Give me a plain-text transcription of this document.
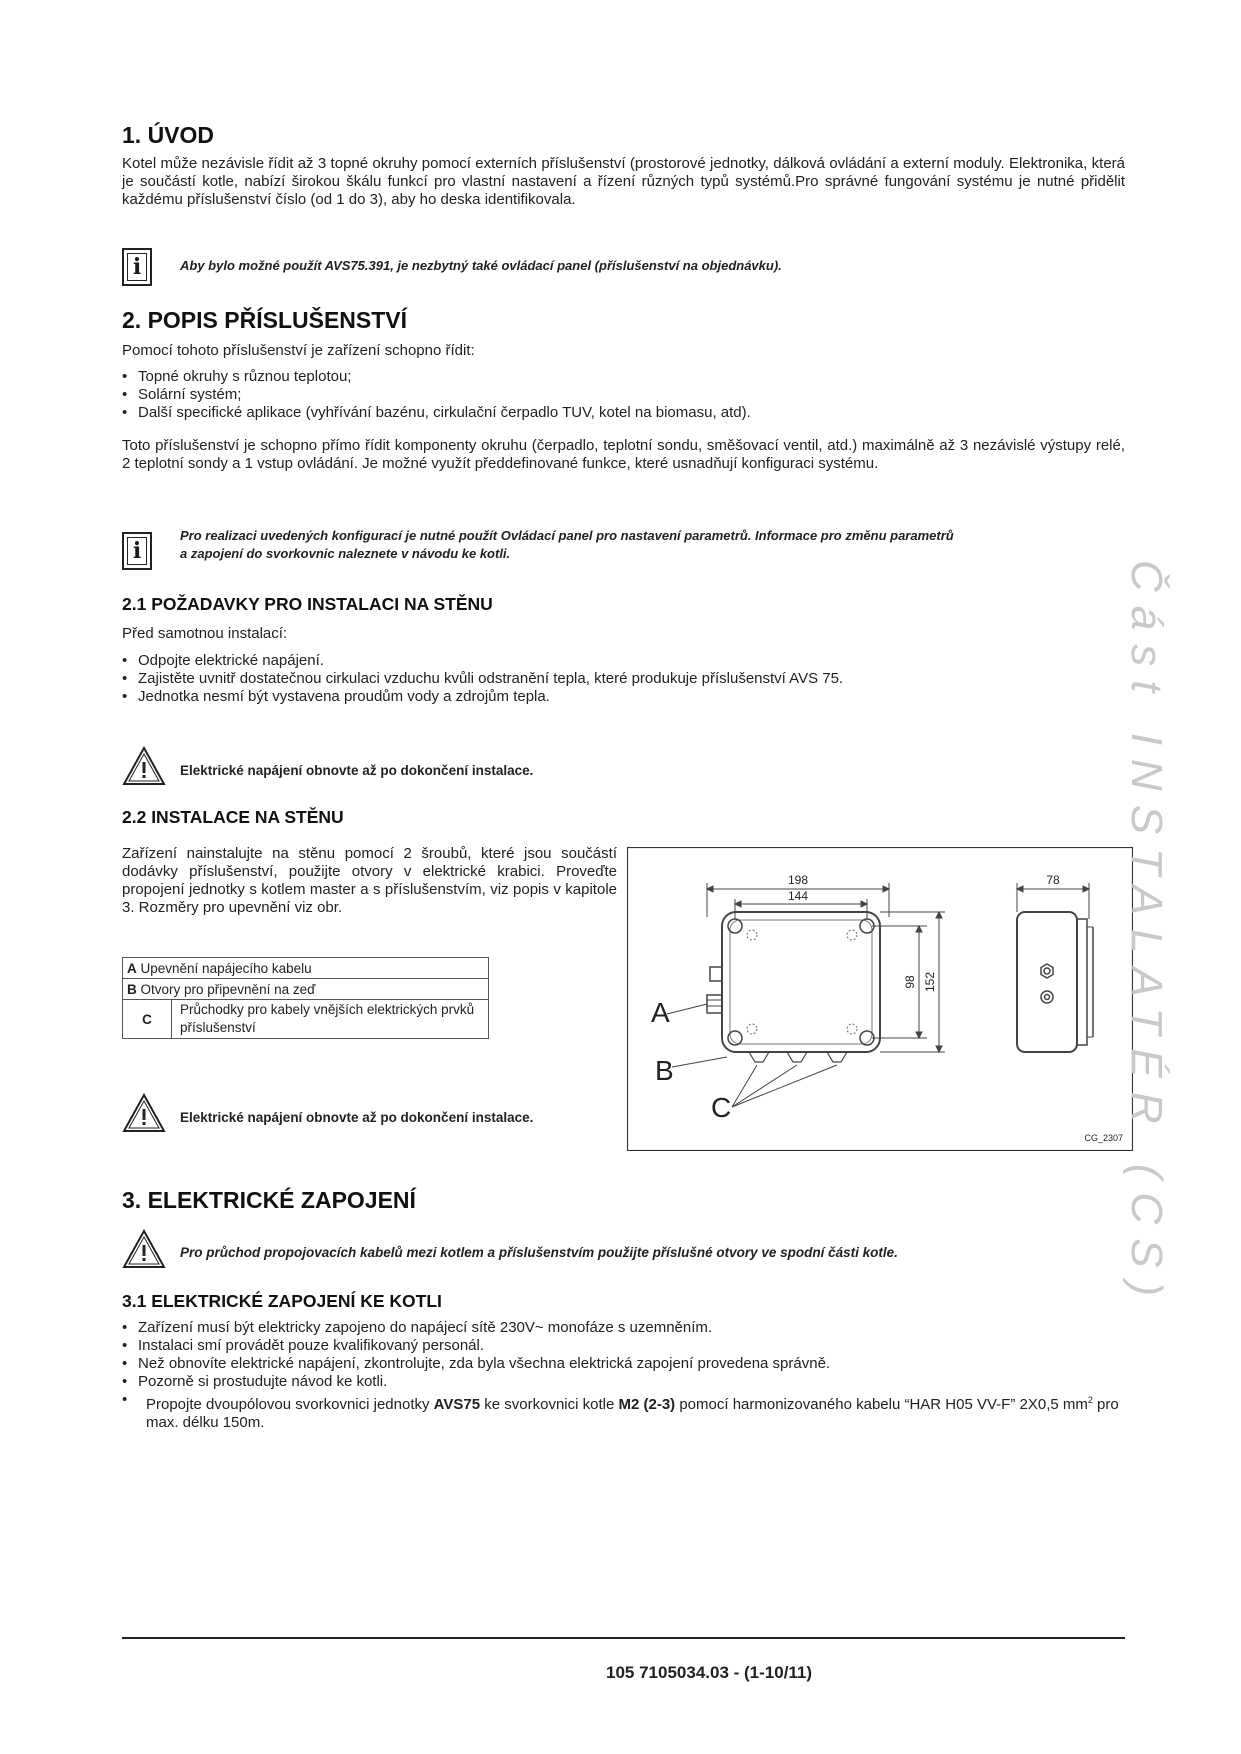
1. ÚVOD

Kotel může nezávisle řídit až 3 topné okruhy pomocí externích příslušenství (prostorové jednotky, dálková ovládání a externí moduly. Elektronika, která je součástí kotle, nabízí širokou škálu funkcí pro vlastní nastavení a řízení různých typů systémů.Pro správné fungování systému je nutné přidělit každému příslušenství číslo (od 1 do 3), aby ho deska identifikovala.

i	Aby bylo možné použít AVS75.391, je nezbytný také ovládací panel (příslušenství na objednávku).

2. POPIS PŘÍSLUŠENSTVÍ

Pomocí tohoto příslušenství je zařízení schopno řídit:

• Topné okruhy s různou teplotou;
• Solární systém;
• Další specifické aplikace (vyhřívání bazénu, cirkulační čerpadlo TUV, kotel na biomasu, atd).

Toto příslušenství je schopno přímo řídit komponenty okruhu (čerpadlo, teplotní sondu, směšovací ventil, atd.) maximálně až 3 nezávislé výstupy relé, 2 teplotní sondy a 1 vstup ovládání. Je možné využít předdefinované funkce, které usnadňují konfiguraci systému.

i

Pro realizaci uvedených konfigurací je nutné použít Ovládací panel pro nastavení parametrů. Informace pro změnu parametrů

a zapojení do svorkovnic naleznete v návodu ke kotli.

2.1 POŽADAVKY PRO INSTALACI NA STĚNU

Před samotnou instalací:

• Odpojte elektrické napájení.
• Zajistěte uvnitř dostatečnou cirkulaci vzduchu kvůli odstranění tepla, které produkuje příslušenství AVS 75.
• Jednotka nesmí být vystavena proudům vody a zdrojům tepla.

Elektrické napájení obnovte až po dokončení instalace.

2.2 INSTALACE NA STĚNU

Zařízení nainstalujte na stěnu pomocí 2 šroubů, které jsou součástí dodávky příslušenství, použijte otvory v elektrické krabici. Proveďte propojení jednotky s kotlem master a s příslušenstvím, viz popis v kapitole 3. Rozměry pro upevnění viz obr.

A Upevnění napájecího kabelu
B Otvory pro připevnění na zeď
C	Průchodky pro kabely vnějších elektrických prvků příslušenství

Elektrické napájení obnovte až po dokončení instalace.

198
144
98 152
78
A
B
C
CG_2307
3. ELEKTRICKÉ ZAPOJENÍ

Pro průchod propojovacích kabelů mezi kotlem a příslušenstvím použijte příslušné otvory ve spodní části kotle.

3.1 ELEKTRICKÉ ZAPOJENÍ KE KOTLI
• Zařízení musí být elektricky zapojeno do napájecí sítě 230V~ monofáze s uzemněním.
• Instalaci smí provádět pouze kvalifikovaný personál.
• Než obnovíte elektrické napájení, zkontrolujte, zda byla všechna elektrická zapojení provedena správně.
• Pozorně si prostudujte návod ke kotli.
• Propojte dvoupólovou svorkovnici jednotky AVS75 ke svorkovnici kotle M2 (2-3) pomocí harmonizovaného kabelu “HAR H05 VV-F” 2X0,5 $mm^2$ pro max. délku 150m.
Část INSTALATÉR (CS)
105 7105034.03 - (1-10/11)
